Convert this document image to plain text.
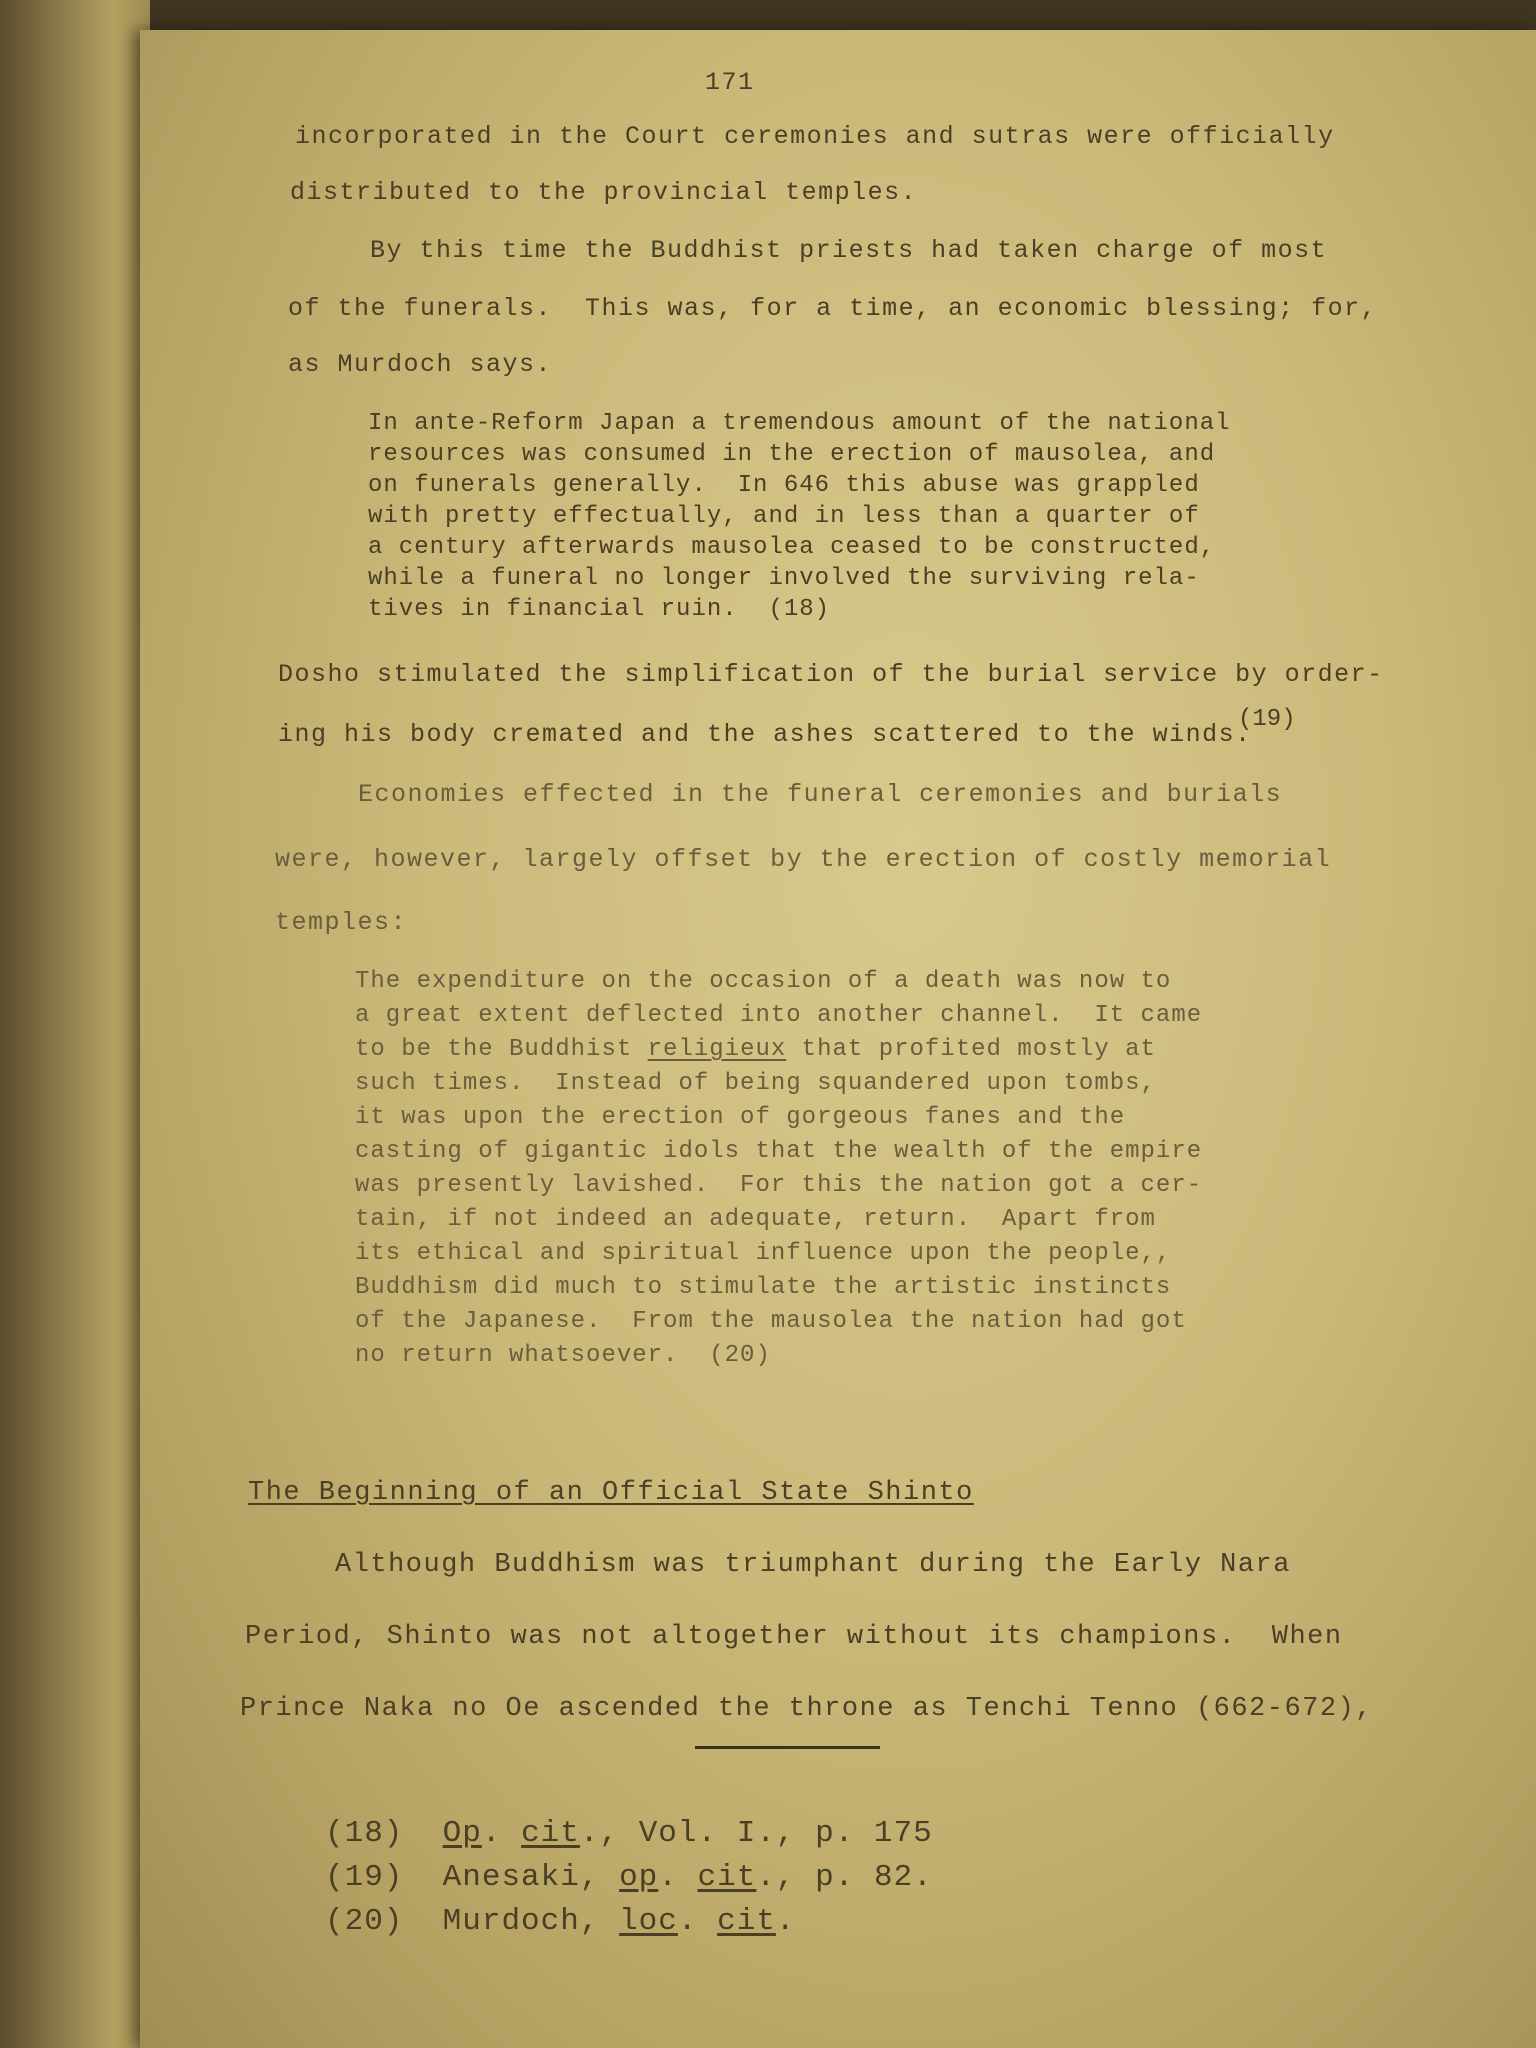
171
incorporated in the Court ceremonies and sutras were officially
distributed to the provincial temples.
By this time the Buddhist priests had taken charge of most
of the funerals.  This was, for a time, an economic blessing; for,
as Murdoch says.
In ante-Reform Japan a tremendous amount of the national
resources was consumed in the erection of mausolea, and
on funerals generally.  In 646 this abuse was grappled
with pretty effectually, and in less than a quarter of
a century afterwards mausolea ceased to be constructed,
while a funeral no longer involved the surviving rela-
tives in financial ruin.  (18)
Dosho stimulated the simplification of the burial service by order-
ing his body cremated and the ashes scattered to the winds.
(19)
Economies effected in the funeral ceremonies and burials
were, however, largely offset by the erection of costly memorial
temples:
The expenditure on the occasion of a death was now to
a great extent deflected into another channel.  It came
to be the Buddhist religieux that profited mostly at
such times.  Instead of being squandered upon tombs,
it was upon the erection of gorgeous fanes and the
casting of gigantic idols that the wealth of the empire
was presently lavished.  For this the nation got a cer-
tain, if not indeed an adequate, return.  Apart from
its ethical and spiritual influence upon the people,,
Buddhism did much to stimulate the artistic instincts
of the Japanese.  From the mausolea the nation had got
no return whatsoever.  (20)
The Beginning of an Official State Shinto
Although Buddhism was triumphant during the Early Nara
Period, Shinto was not altogether without its champions.  When
Prince Naka no Oe ascended the throne as Tenchi Tenno (662-672),
(18) Op. cit., Vol. I., p. 175
(19) Anesaki, op. cit., p. 82.
(20) Murdoch, loc. cit.
